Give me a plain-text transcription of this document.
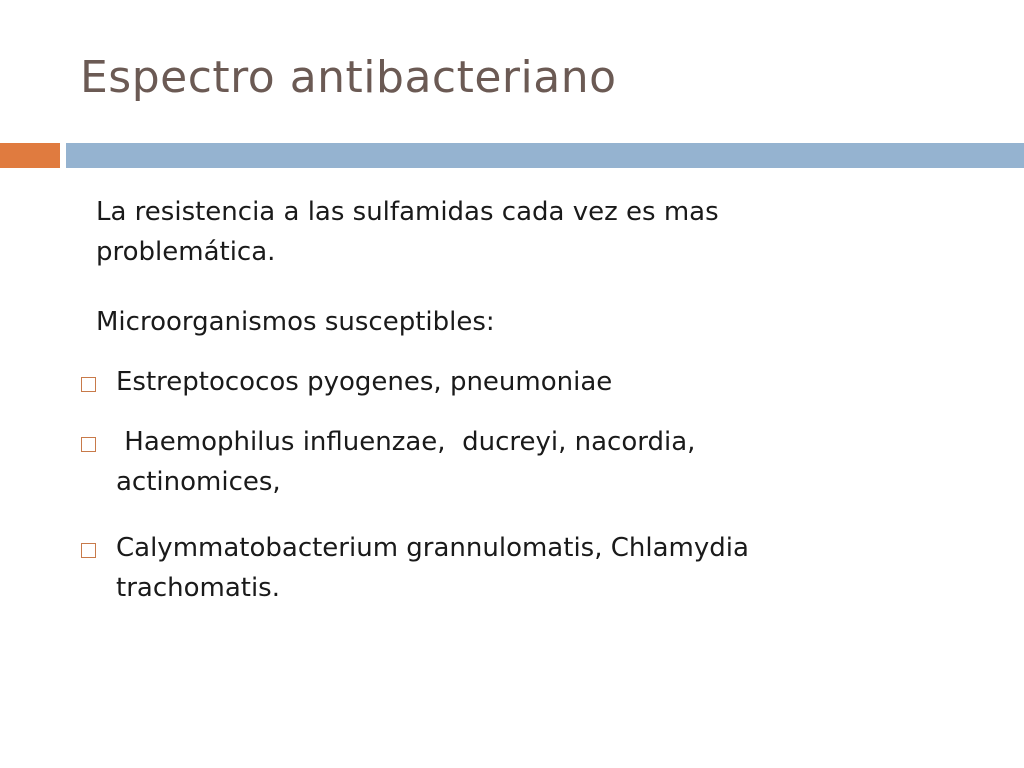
Espectro antibacteriano
La resistencia a las sulfamidas cada vez es mas
problemática.
Microorganismos susceptibles:
Estreptococos pyogenes, pneumoniae
Haemophilus influenzae,  ducreyi, nacordia,
actinomices,
Calymmatobacterium grannulomatis, Chlamydia
trachomatis.
